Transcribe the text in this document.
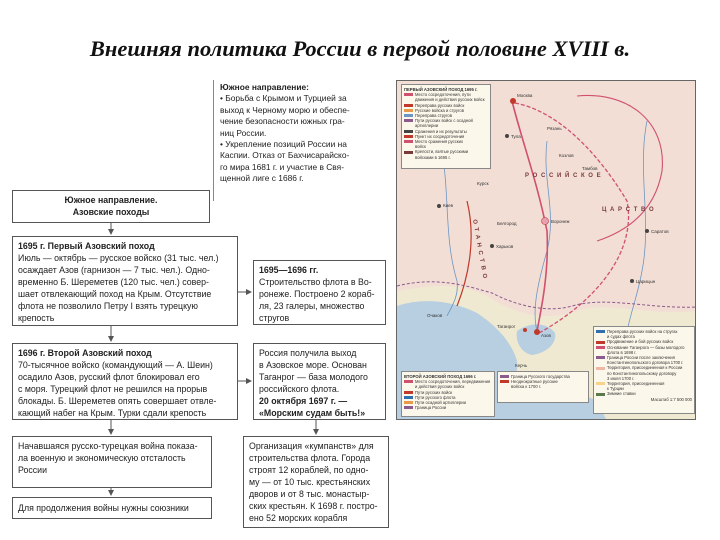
Внешняя политика России в первой половине XVIII в.
Южное направление:
• Борьба с Крымом и Турцией за
выход к Черному морю и обеспе-
чение безопасности южных гра-
ниц России.
• Укрепление позиций России на
Каспии. Отказ от Бахчисарайско-
го мира 1681 г. и участие в Свя-
щенной лиге с 1686 г.
Южное направление.
Азовские походы
1695 г. Первый Азовский поход
Июль — октябрь — русское войско (31 тыс. чел.)
осаждает Азов (гарнизон — 7 тыс. чел.). Одно-
временно Б. Шереметев (120 тыс. чел.) совер-
шает отвлекающий поход на Крым. Отсутствие
флота не позволило Петру I взять турецкую
крепость
1695—1696 гг.
Строительство флота в Во-
ронеже. Построено 2 кораб-
ля, 23 галеры, множество
стругов
1696 г. Второй Азовский поход
70-тысячное войско (командующий — А. Шеин)
осадило Азов, русский флот блокировал его
с моря. Турецкий флот не решился на прорыв
блокады. Б. Шереметев опять совершает отвле-
кающий набег на Крым. Турки сдали крепость
Россия получила выход
в Азовское море. Основан
Таганрог — база молодого
российского флота.
20 октября 1697 г. —
«Морским судам быть!»
Начавшаяся русско-турецкая война показа-
ла военную и экономическую отсталость
России
Для продолжения войны нужны союзники
Организация «кумпанств» для
строительства флота. Города
строят 12 кораблей, по одно-
му — от 10 тыс. крестьянских
дворов и от 8 тыс. монастыр-
ских крестьян. К 1698 г. постро-
ено 52 морских корабля
Р О С С И Й С К О Е
Ц А Р С Т В О
О Т А Н С Т В О
Москва
Воронеж
Азов
Таганрог
Тула
Курск
Харьков
Киев
Рязань
Тамбов
Козлов
Белгород
Очаков
Керчь
Саратов
Царицын
ПЕРВЫЙ АЗОВСКИЙ ПОХОД 1695 г.
Место сосредоточения, пути
движения и действия русских войск
Переправа русских войск
Русские войска и стругов
Переправа стругов
Пути русских войск с осадной
артиллерии
Сражения и их результаты
Пункт их сосредоточения
Место сражения русских
войск
Крепости, взятые русскими
войсками в 1695 г.
ВТОРОЙ АЗОВСКИЙ ПОХОД 1696 г.
Место сосредоточения, передвижения
и действия русских войск
Пути русских войск
Пути русского флота
Пути осадной артиллерии
Граница России
Граница Русского государства
Неоднократные русские
войска к 1700 г.
Переправа русских войск на стругах
и судах флота
Продвижение и бой русских войск
Основание Таганрога — базы молодого
флота в 1698 г.
Граница России после заключения
Константинопольского договора 1700 г.
Территория, присоединенная к России
по Константинопольскому договору
3 июля 1700 г.
Территория, присоединенная
к Турции
Зимние ставки
Масштаб 1:7 500 000
